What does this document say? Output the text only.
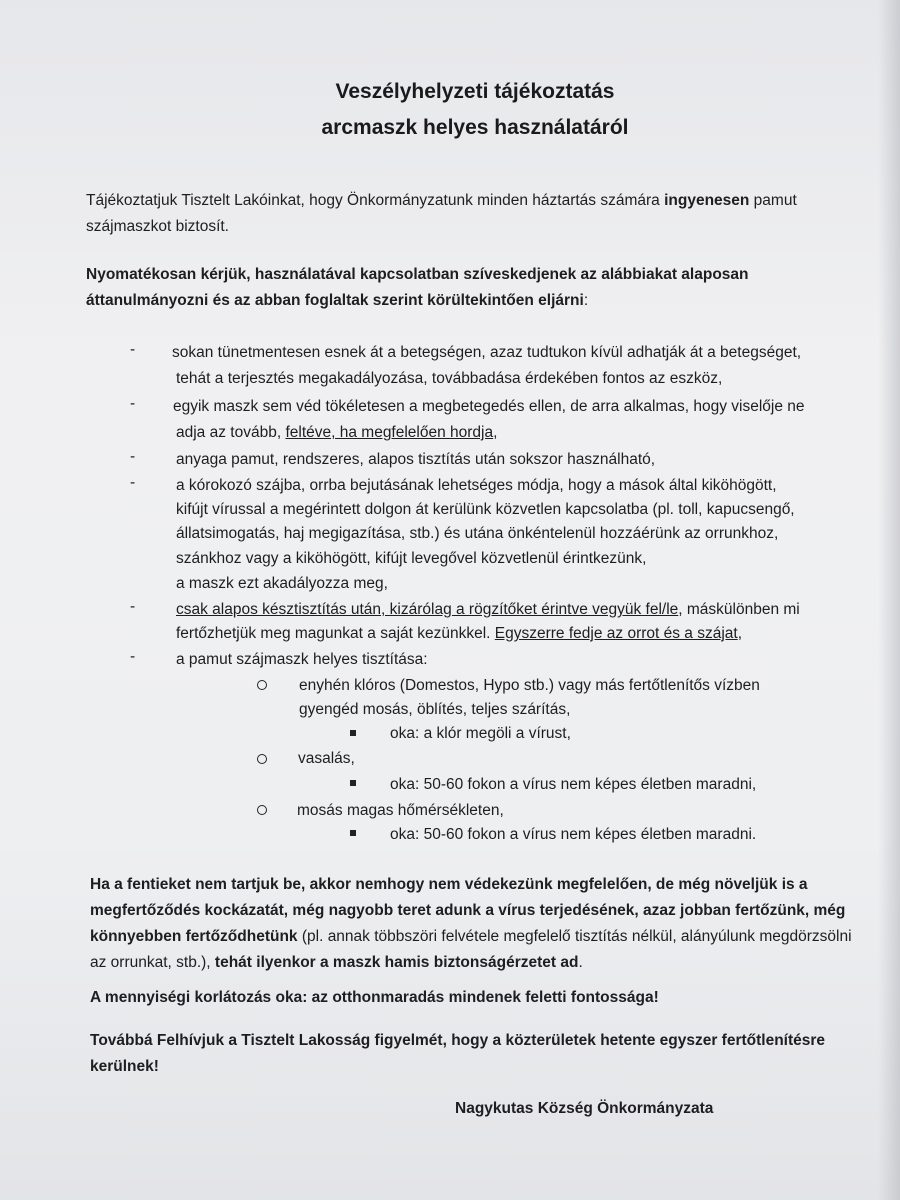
Veszélyhelyzeti tájékoztatás
arcmaszk helyes használatáról

Tájékoztatjuk Tisztelt Lakóinkat, hogy Önkormányzatunk minden háztartás számára ingyenesen pamut szájmaszkot biztosít.

Nyomatékosan kérjük, használatával kapcsolatban szíveskedjenek az alábbiakat alaposan áttanulmányozni és az abban foglaltak szerint körültekintően eljárni:

- sokan tünetmentesen esnek át a betegségen, azaz tudtukon kívül adhatják át a betegséget,
tehát a terjesztés megakadályozása, továbbadása érdekében fontos az eszköz,
- egyik maszk sem véd tökéletesen a megbetegedés ellen, de arra alkalmas, hogy viselője ne
adja az tovább, feltéve, ha megfelelően hordja,
-	anyaga pamut, rendszeres, alapos tisztítás után sokszor használható,
-	a kórokozó szájba, orrba bejutásának lehetséges módja, hogy a mások által kiköhögött,
kifújt vírussal a megérintett dolgon át kerülünk közvetlen kapcsolatba (pl. toll, kapucsengő,
állatsimogatás, haj megigazítása, stb.) és utána önkéntelenül hozzáérünk az orrunkhoz,
szánkhoz vagy a kiköhögött, kifújt levegővel közvetlenül érintkezünk,
a maszk ezt akadályozza meg,
-	csak alapos késztisztítás után, kizárólag a rögzítőket érintve vegyük fel/le, máskülönben mi
fertőzhetjük meg magunkat a saját kezünkkel. Egyszerre fedje az orrot és a szájat,
-	a pamut szájmaszk helyes tisztítása:
enyhén klóros (Domestos, Hypo stb.) vagy más fertőtlenítős vízben
gyengéd mosás, öblítés, teljes szárítás,
oka: a klór megöli a vírust,
vasalás,
oka: 50-60 fokon a vírus nem képes életben maradni,
mosás magas hőmérsékleten,
oka: 50-60 fokon a vírus nem képes életben maradni.

Ha a fentieket nem tartjuk be, akkor nemhogy nem védekezünk megfelelően, de még növeljük is a megfertőződés kockázatát, még nagyobb teret adunk a vírus terjedésének, azaz jobban fertőzünk, még könnyebben fertőződhetünk (pl. annak többszöri felvétele megfelelő tisztítás nélkül, alányúlunk megdörzsölni az orrunkat, stb.), tehát ilyenkor a maszk hamis biztonságérzetet ad.

A mennyiségi korlátozás oka: az otthonmaradás mindenek feletti fontossága!

Továbbá Felhívjuk a Tisztelt Lakosság figyelmét, hogy a közterületek hetente egyszer fertőtlenítésre kerülnek!

Nagykutas Község Önkormányzata
